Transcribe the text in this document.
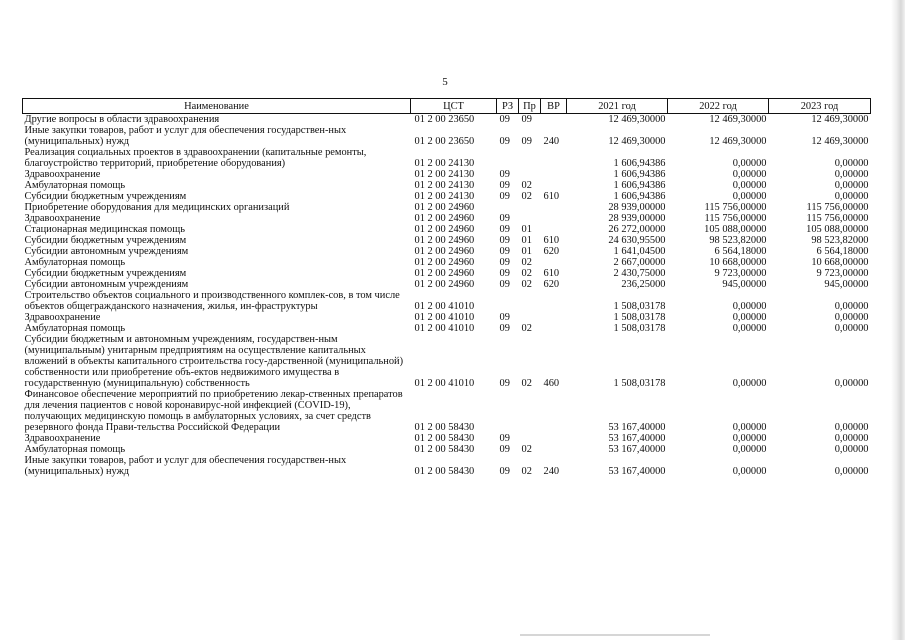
5
Наименование	ЦСТ	РЗ	Пр	ВР	2021 год	2022 год	2023 год
Другие вопросы в области здравоохранения	01 2 00 23650	09	09		12 469,30000	12 469,30000	12 469,30000
Иные закупки товаров, работ и услуг для обеспечения государствен-ных (муниципальных) нужд	01 2 00 23650	09	09	240	12 469,30000	12 469,30000	12 469,30000
Реализация социальных проектов в здравоохранении (капитальные ремонты, благоустройство территорий, приобретение оборудования)	01 2 00 24130				1 606,94386	0,00000	0,00000
Здравоохранение	01 2 00 24130	09			1 606,94386	0,00000	0,00000
Амбулаторная помощь	01 2 00 24130	09	02		1 606,94386	0,00000	0,00000
Субсидии бюджетным учреждениям	01 2 00 24130	09	02	610	1 606,94386	0,00000	0,00000
Приобретение оборудования для медицинских организаций	01 2 00 24960				28 939,00000	115 756,00000	115 756,00000
Здравоохранение	01 2 00 24960	09			28 939,00000	115 756,00000	115 756,00000
Стационарная медицинская помощь	01 2 00 24960	09	01		26 272,00000	105 088,00000	105 088,00000
Субсидии бюджетным учреждениям	01 2 00 24960	09	01	610	24 630,95500	98 523,82000	98 523,82000
Субсидии автономным учреждениям	01 2 00 24960	09	01	620	1 641,04500	6 564,18000	6 564,18000
Амбулаторная помощь	01 2 00 24960	09	02		2 667,00000	10 668,00000	10 668,00000
Субсидии бюджетным учреждениям	01 2 00 24960	09	02	610	2 430,75000	9 723,00000	9 723,00000
Субсидии автономным учреждениям	01 2 00 24960	09	02	620	236,25000	945,00000	945,00000
Строительство объектов социального и производственного комплек-сов, в том числе объектов общегражданского назначения, жилья, ин-фраструктуры	01 2 00 41010				1 508,03178	0,00000	0,00000
Здравоохранение	01 2 00 41010	09			1 508,03178	0,00000	0,00000
Амбулаторная помощь	01 2 00 41010	09	02		1 508,03178	0,00000	0,00000
Субсидии бюджетным и автономным учреждениям, государствен-ным (муниципальным) унитарным предприятиям на осуществление капитальных вложений в объекты капитального строительства госу-дарственной (муниципальной) собственности или приобретение объ-ектов недвижимого имущества в государственную (муниципальную) собственность	01 2 00 41010	09	02	460	1 508,03178	0,00000	0,00000
Финансовое обеспечение мероприятий по приобретению лекар-ственных препаратов для лечения пациентов с новой коронавирус-ной инфекцией (COVID-19), получающих медицинскую помощь в амбулаторных условиях, за счет средств резервного фонда Прави-тельства Российской Федерации	01 2 00 58430				53 167,40000	0,00000	0,00000
Здравоохранение	01 2 00 58430	09			53 167,40000	0,00000	0,00000
Амбулаторная помощь	01 2 00 58430	09	02		53 167,40000	0,00000	0,00000
Иные закупки товаров, работ и услуг для обеспечения государствен-ных (муниципальных) нужд	01 2 00 58430	09	02	240	53 167,40000	0,00000	0,00000
